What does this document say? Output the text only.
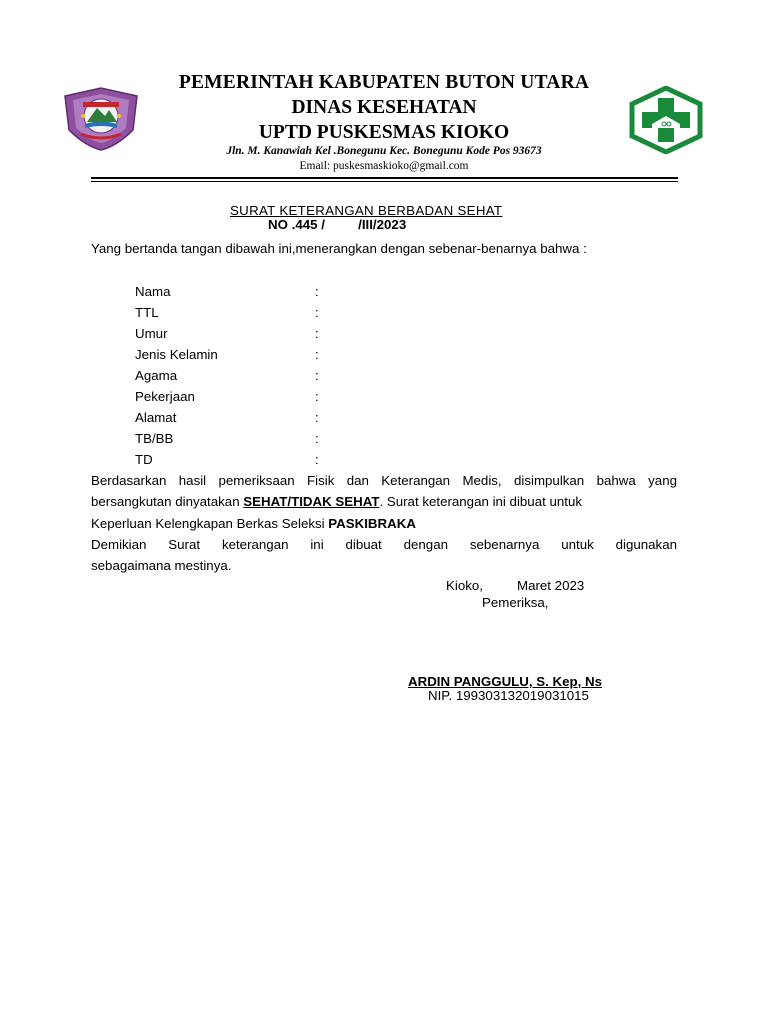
PEMERINTAH KABUPATEN BUTON UTARA
DINAS KESEHATAN
UPTD PUSKESMAS KIOKO
Jln. M. Kanawiah Kel .Bonegunu Kec. Bonegunu Kode Pos 93673
Email: puskesmaskioko@gmail.com
SURAT KETERANGAN BERBADAN SEHAT
NO .445 /         /III/2023
Yang bertanda tangan dibawah ini,menerangkan dengan sebenar-benarnya bahwa :
Nama	:
TTL	:
Umur	:
Jenis Kelamin	:
Agama	:
Pekerjaan	:
Alamat	:
TB/BB	:
TD	:
Berdasarkan hasil pemeriksaan Fisik dan Keterangan Medis, disimpulkan bahwa yang
bersangkutan dinyatakan SEHAT/TIDAK SEHAT. Surat keterangan ini dibuat untuk
Keperluan Kelengkapan Berkas Seleksi PASKIBRAKA
Demikian Surat keterangan ini dibuat dengan sebenarnya untuk digunakan
sebagaimana mestinya.
Kioko,	Maret 2023
Pemeriksa,
ARDIN PANGGULU, S. Kep, Ns
NIP. 199303132019031015
